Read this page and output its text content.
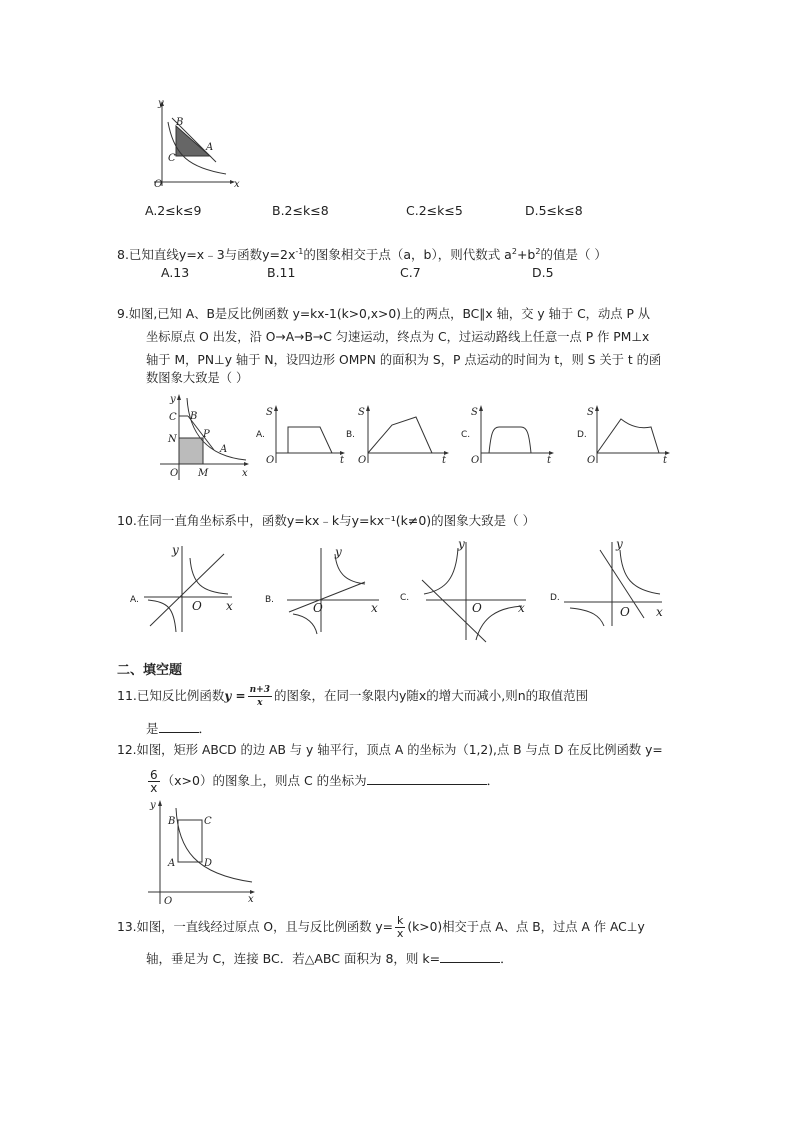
y
B
A
C
O	x
A.2≤k≤9	B.2≤k≤8	C.2≤k≤5	D.5≤k≤8
8.已知直线y=x﹣3与函数$y=2x^{-1}$的图象相交于点（a，b），则代数式 $a^2+b^2$的值是（ ）
A.13	B.11	C.7	D.5
9.如图,已知 A、B是反比例函数 y=kx-1(k>0,x>0)上的两点，BC∥x 轴，交 y 轴于 C，动点 P 从
坐标原点 O 出发，沿 O→A→B→C 匀速运动，终点为 C，过运动路线上任意一点 P 作 PM⊥x
轴于 M，PN⊥y 轴于 N，设四边形 OMPN 的面积为 S，P 点运动的时间为 t，则 S 关于 t 的函
数图象大致是（ ）
y
C B
N	P
A
O M	x
A.
S
O	t
B.
S
O	t
C.
S
O	t
D.
S
O	t
10.在同一直角坐标系中，函数y=kx﹣k与y=kx⁻¹(k≠0)的图象大致是（ ）
A.
y
O x	B.
y
O	x
C.
y
O	x
D.
y
O x
二、填空题
11.已知反比例函数$y = \frac{n+3}{x}$ 的图象，在同一象限内y随x的增大而减小,则n的取值范围
是	．
12.如图，矩形 ABCD 的边 AB 与 y 轴平行，顶点 A 的坐标为（1,2),点 B 与点 D 在反比例函数 y=
$\frac{6}{x} (x>0)$的图象上，则点 C 的坐标为	．
y
B	C
A	D
O	x
13.如图，一直线经过原点 O，且与反比例函数 $y= \frac{k}{x} (k>0)$相交于点 A、点 B，过点 A 作 AC⊥y
轴，垂足为 C，连接 BC．若△ABC 面积为 8，则 k=	．
